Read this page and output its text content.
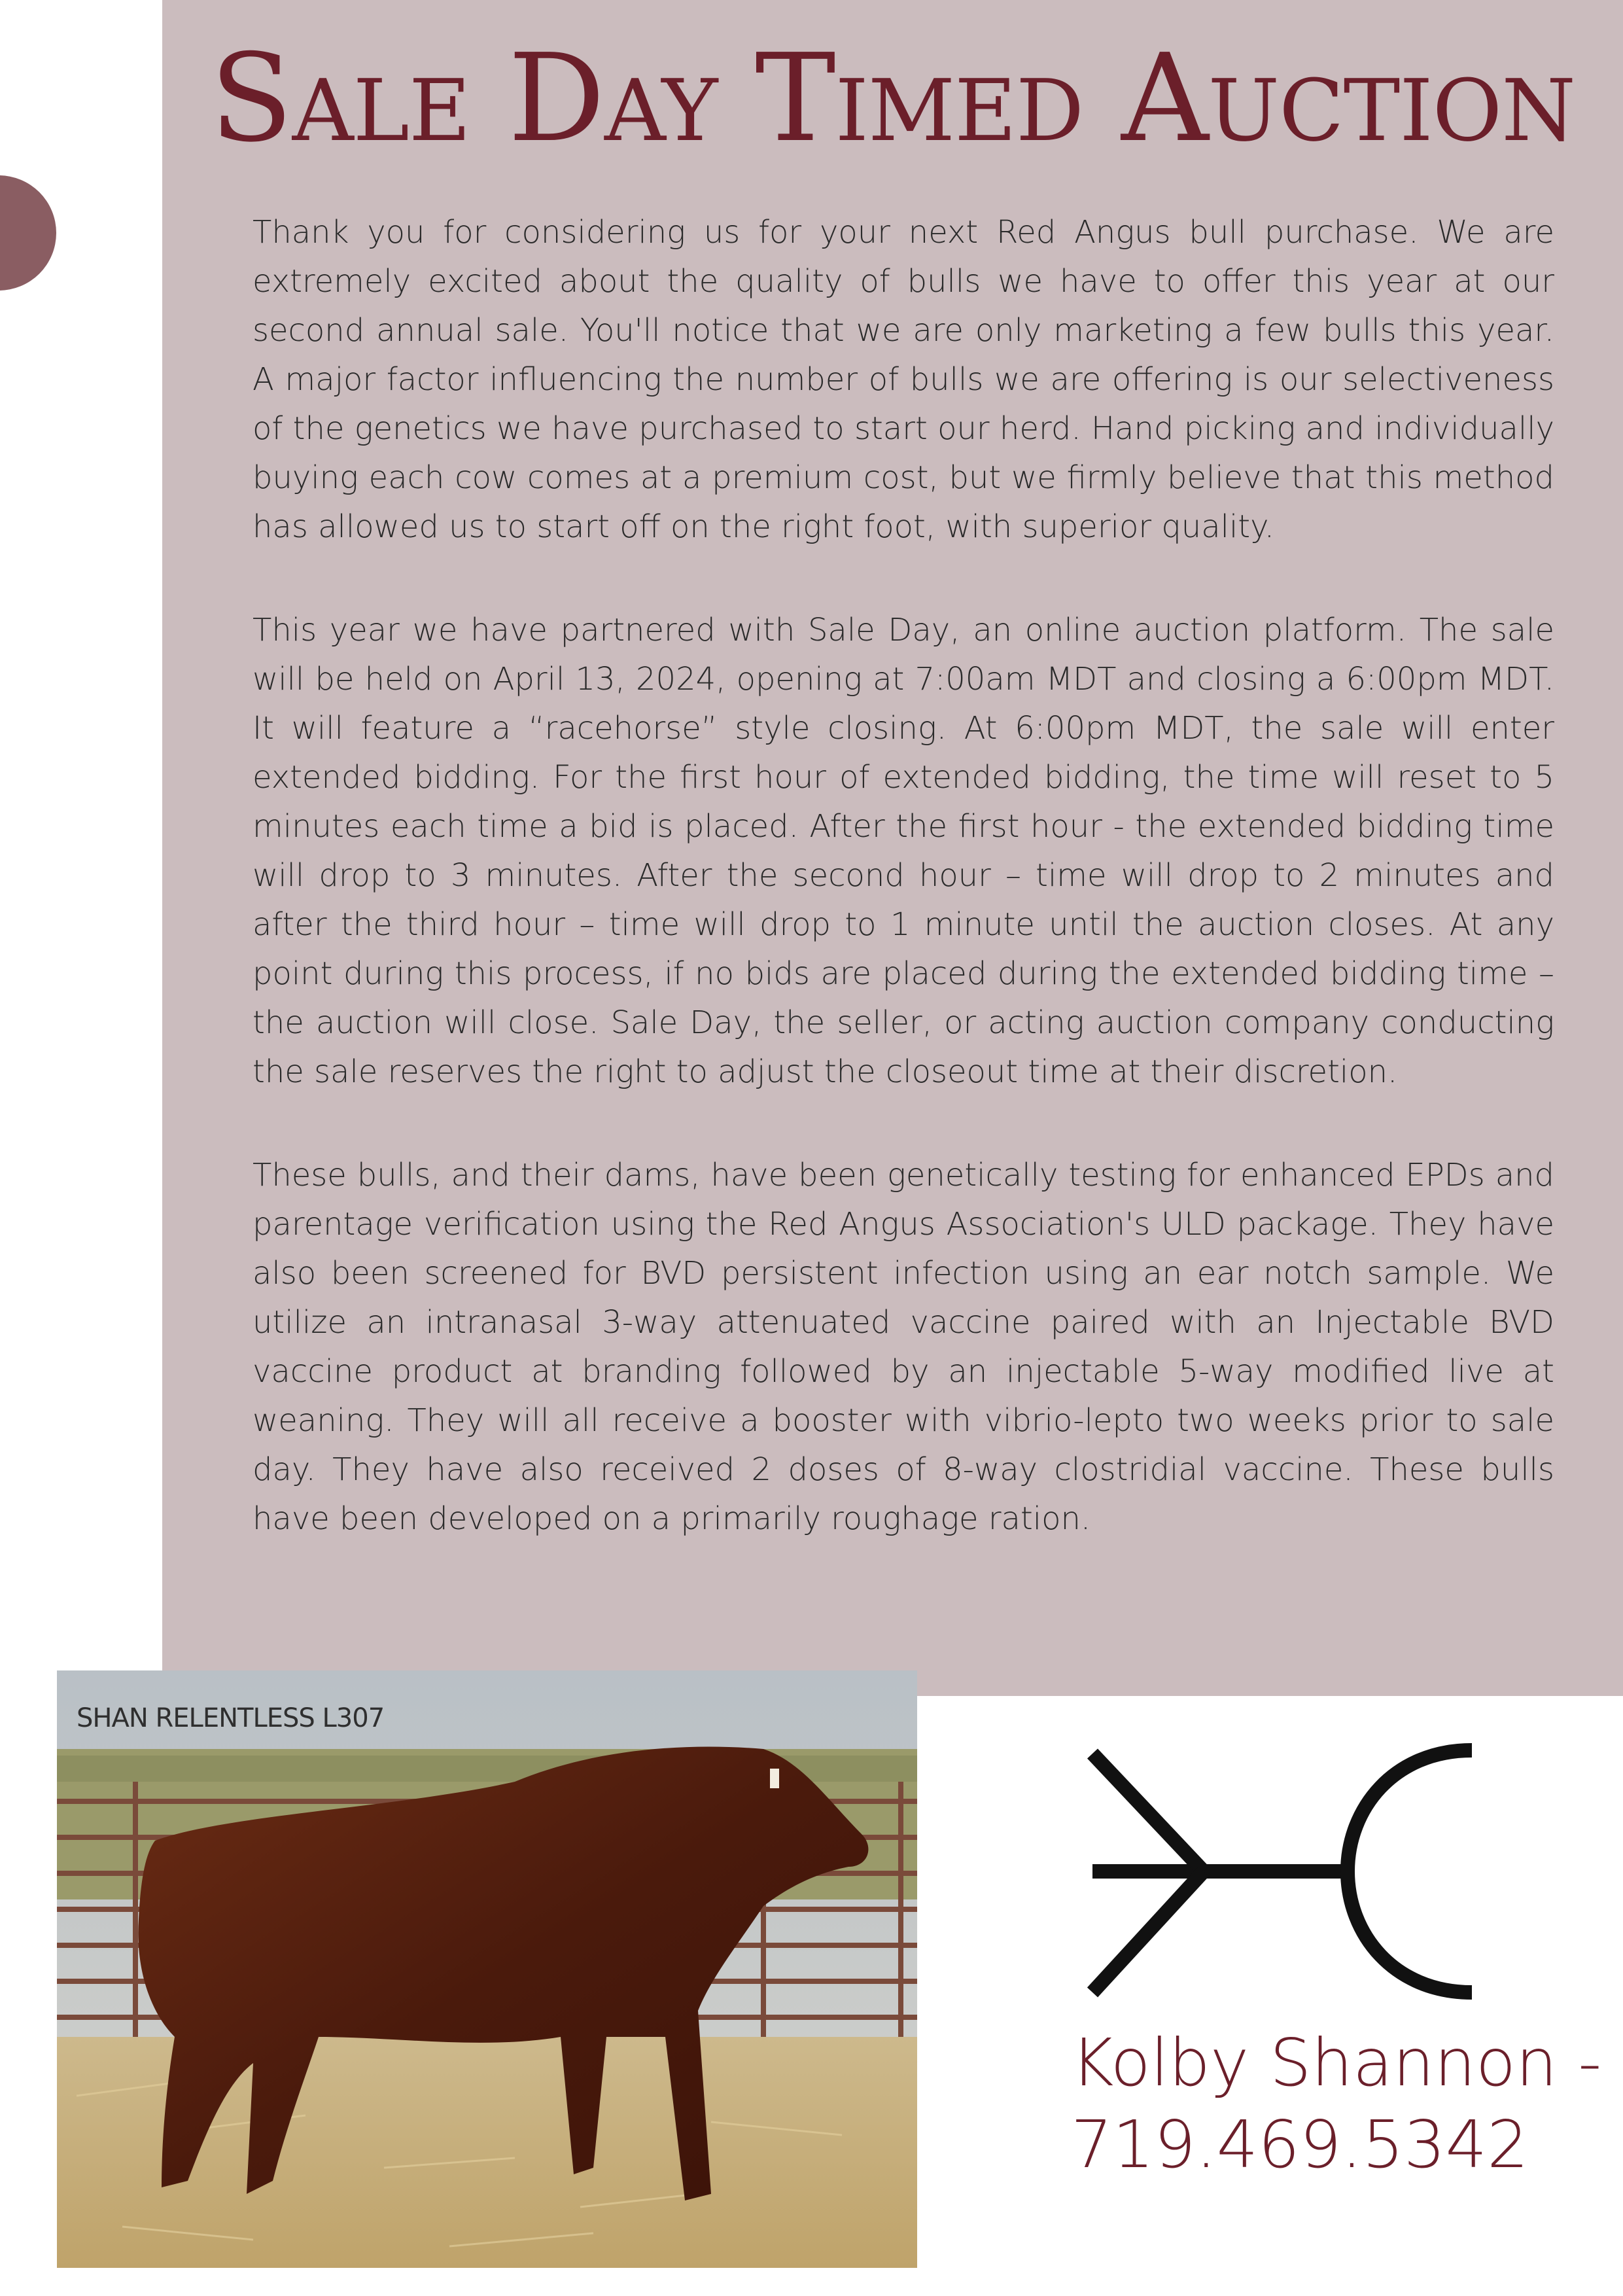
Sale Day Timed Auction

Thank you for considering us for your next Red Angus bull purchase. We are extremely excited about the quality of bulls we have to offer this year at our second annual sale. You'll notice that we are only marketing a few bulls this year. A major factor influencing the number of bulls we are offering is our selectiveness of the genetics we have purchased to start our herd. Hand picking and individually buying each cow comes at a premium cost, but we firmly believe that this method has allowed us to start off on the right foot, with superior quality.

This year we have partnered with Sale Day, an online auction platform. The sale will be held on April 13, 2024, opening at 7:00am MDT and closing a 6:00pm MDT. It will feature a “racehorse” style closing. At 6:00pm MDT, the sale will enter extended bidding. For the first hour of extended bidding, the time will reset to 5 minutes each time a bid is placed. After the first hour - the extended bidding time will drop to 3 minutes. After the second hour – time will drop to 2 minutes and after the third hour – time will drop to 1 minute until the auction closes. At any point during this process, if no bids are placed during the extended bidding time – the auction will close. Sale Day, the seller, or acting auction company conducting the sale reserves the right to adjust the closeout time at their discretion.

These bulls, and their dams, have been genetically testing for enhanced EPDs and parentage verification using the Red Angus Association's ULD package. They have also been screened for BVD persistent infection using an ear notch sample. We utilize an intranasal 3-way attenuated vaccine paired with an Injectable BVD vaccine product at branding followed by an injectable 5-way modified live at weaning. They will all receive a booster with vibrio-lepto two weeks prior to sale day. They have also received 2 doses of 8-way clostridial vaccine. These bulls have been developed on a primarily roughage ration.

SHAN RELENTLESS L307
Kolby Shannon -
719.469.5342
